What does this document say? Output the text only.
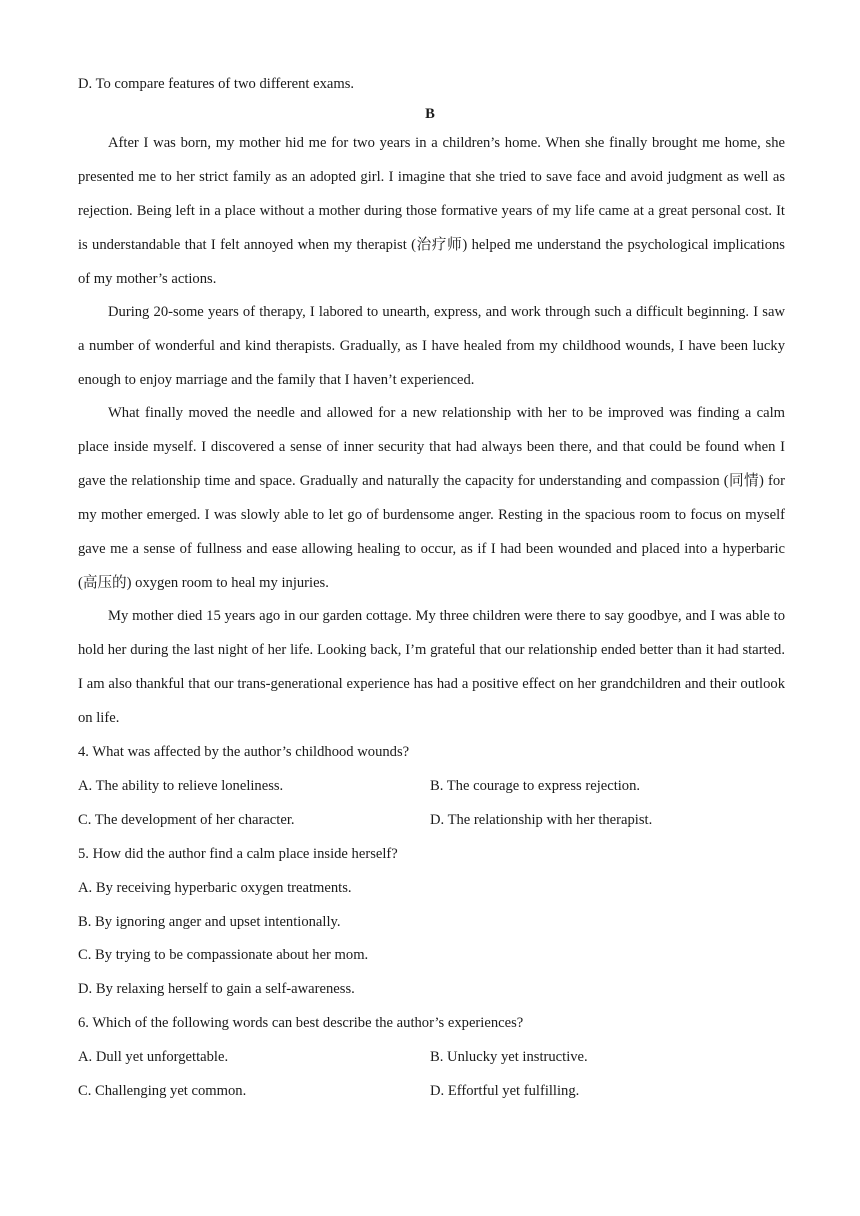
D. To compare features of two different exams.
B

After I was born, my mother hid me for two years in a children’s home. When she finally brought me home, she presented me to her strict family as an adopted girl. I imagine that she tried to save face and avoid judgment as well as rejection. Being left in a place without a mother during those formative years of my life came at a great personal cost. It is understandable that I felt annoyed when my therapist (治疗师) helped me understand the psychological implications of my mother’s actions.

During 20-some years of therapy, I labored to unearth, express, and work through such a difficult beginning. I saw a number of wonderful and kind therapists. Gradually, as I have healed from my childhood wounds, I have been lucky enough to enjoy marriage and the family that I haven’t experienced.

What finally moved the needle and allowed for a new relationship with her to be improved was finding a calm place inside myself. I discovered a sense of inner security that had always been there, and that could be found when I gave the relationship time and space. Gradually and naturally the capacity for understanding and compassion (同情) for my mother emerged. I was slowly able to let go of burdensome anger. Resting in the spacious room to focus on myself gave me a sense of fullness and ease allowing healing to occur, as if I had been wounded and placed into a hyperbaric (高压的) oxygen room to heal my injuries.

My mother died 15 years ago in our garden cottage. My three children were there to say goodbye, and I was able to hold her during the last night of her life. Looking back, I’m grateful that our relationship ended better than it had started. I am also thankful that our trans-generational experience has had a positive effect on her grandchildren and their outlook on life.

4. What was affected by the author’s childhood wounds?
A. The ability to relieve loneliness.	B. The courage to express rejection.
C. The development of her character.	D. The relationship with her therapist.
5. How did the author find a calm place inside herself?
A. By receiving hyperbaric oxygen treatments.
B. By ignoring anger and upset intentionally.
C. By trying to be compassionate about her mom.
D. By relaxing herself to gain a self-awareness.
6. Which of the following words can best describe the author’s experiences?
A. Dull yet unforgettable.	B. Unlucky yet instructive.
C. Challenging yet common.	D. Effortful yet fulfilling.
